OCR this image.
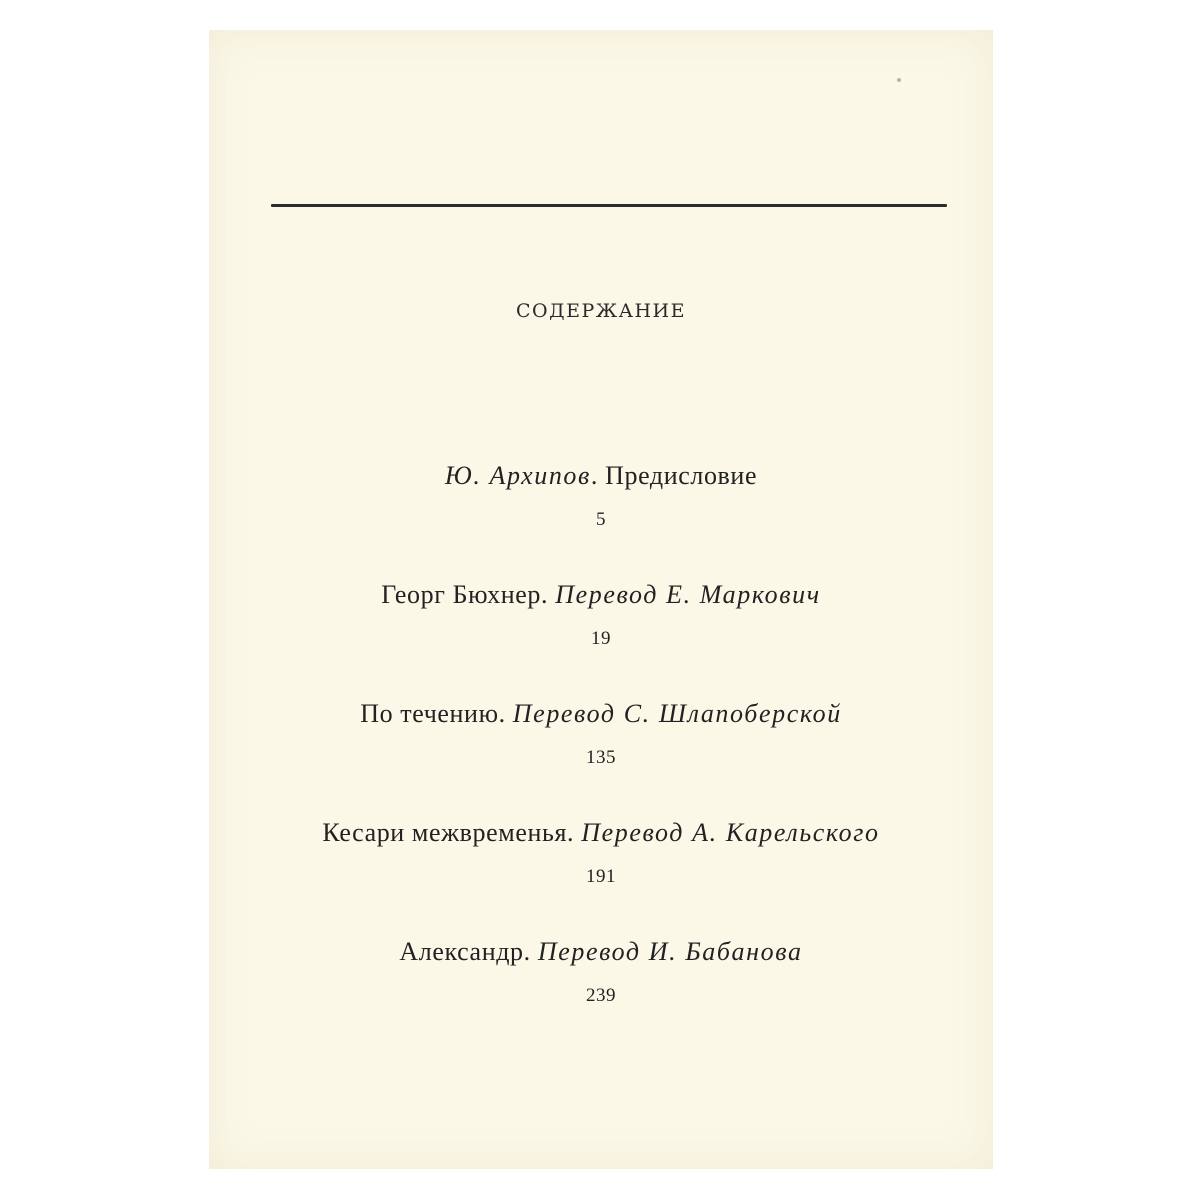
СОДЕРЖАНИЕ
Ю. Архипов. Предисловие
5
Георг Бюхнер. Перевод Е. Маркович
19
По течению. Перевод С. Шлапоберской
135
Кесари межвременья. Перевод А. Карельского
191
Александр. Перевод И. Бабанова
239
